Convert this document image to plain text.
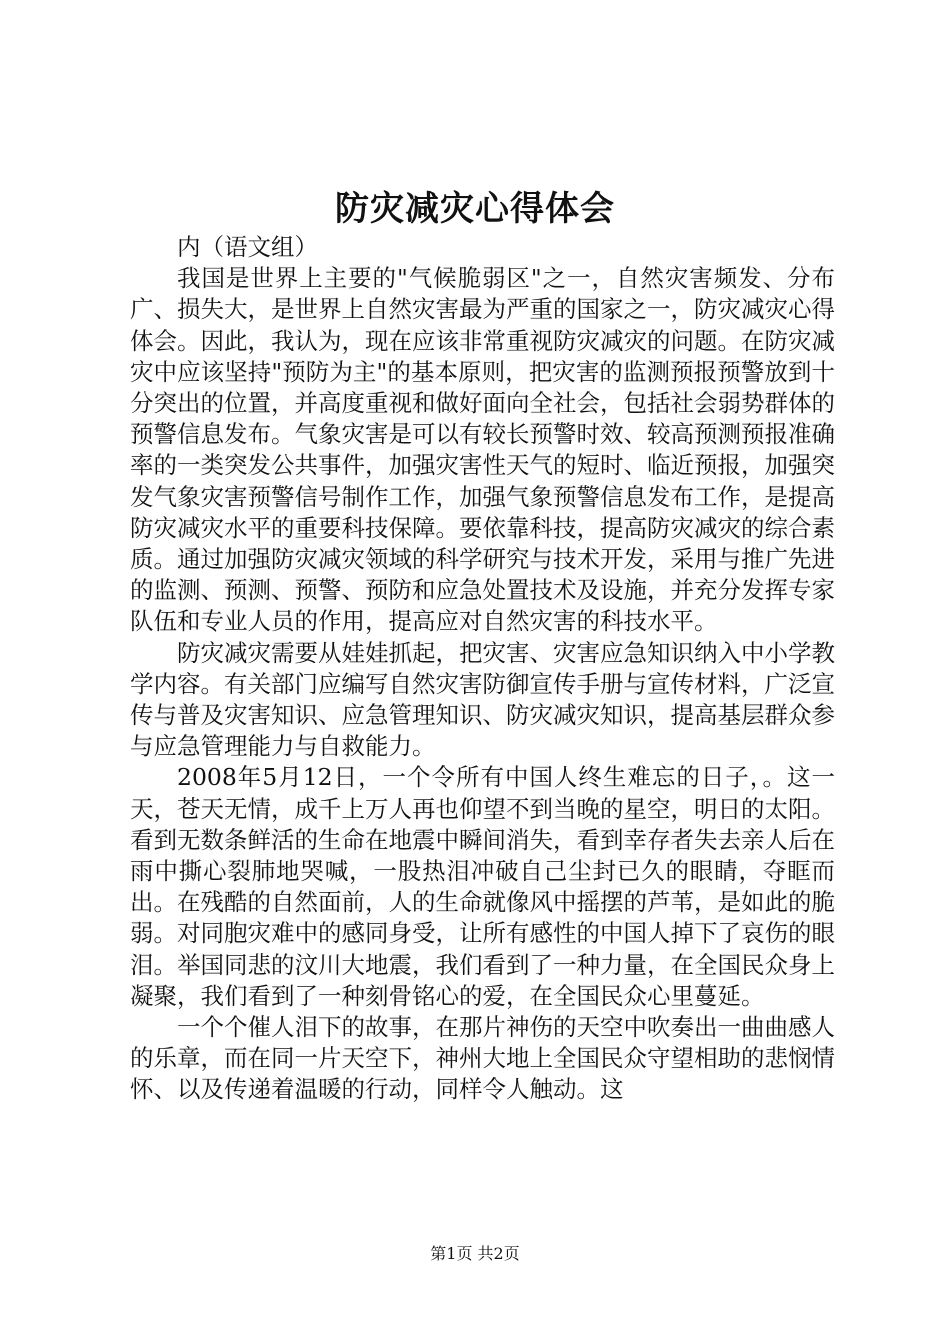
防灾减灾心得体会

内（语文组）

我国是世界上主要的"气候脆弱区"之一，自然灾害频发、分布广、损失大，是世界上自然灾害最为严重的国家之一，防灾减灾心得体会。因此，我认为，现在应该非常重视防灾减灾的问题。在防灾减灾中应该坚持"预防为主"的基本原则，把灾害的监测预报预警放到十分突出的位置，并高度重视和做好面向全社会，包括社会弱势群体的预警信息发布。气象灾害是可以有较长预警时效、较高预测预报准确率的一类突发公共事件，加强灾害性天气的短时、临近预报，加强突发气象灾害预警信号制作工作，加强气象预警信息发布工作，是提高防灾减灾水平的重要科技保障。要依靠科技，提高防灾减灾的综合素质。通过加强防灾减灾领域的科学研究与技术开发，采用与推广先进的监测、预测、预警、预防和应急处置技术及设施，并充分发挥专家队伍和专业人员的作用，提高应对自然灾害的科技水平。

防灾减灾需要从娃娃抓起，把灾害、灾害应急知识纳入中小学教学内容。有关部门应编写自然灾害防御宣传手册与宣传材料，广泛宣传与普及灾害知识、应急管理知识、防灾减灾知识，提高基层群众参与应急管理能力与自救能力。

2008年5月12日，一个令所有中国人终生难忘的日子，。这一天，苍天无情，成千上万人再也仰望不到当晚的星空，明日的太阳。看到无数条鲜活的生命在地震中瞬间消失，看到幸存者失去亲人后在雨中撕心裂肺地哭喊，一股热泪冲破自己尘封已久的眼睛，夺眶而出。在残酷的自然面前，人的生命就像风中摇摆的芦苇，是如此的脆弱。对同胞灾难中的感同身受，让所有感性的中国人掉下了哀伤的眼泪。举国同悲的汶川大地震，我们看到了一种力量，在全国民众身上凝聚，我们看到了一种刻骨铭心的爱，在全国民众心里蔓延。

一个个催人泪下的故事，在那片神伤的天空中吹奏出一曲曲感人的乐章，而在同一片天空下，神州大地上全国民众守望相助的悲悯情怀、以及传递着温暖的行动，同样令人触动。这

第1页 共2页
